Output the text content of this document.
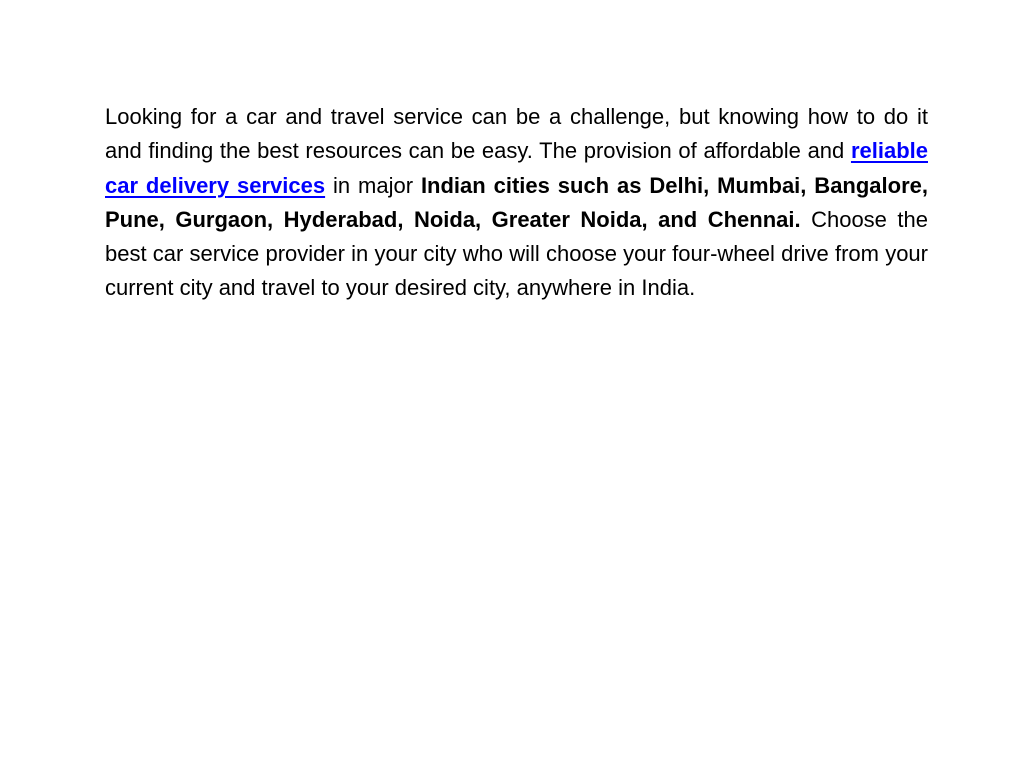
Looking for a car and travel service can be a challenge, but knowing how to do it and finding the best resources can be easy. The provision of affordable and reliable car delivery services in major Indian cities such as Delhi, Mumbai, Bangalore, Pune, Gurgaon, Hyderabad, Noida, Greater Noida, and Chennai. Choose the best car service provider in your city who will choose your four-wheel drive from your current city and travel to your desired city, anywhere in India.
